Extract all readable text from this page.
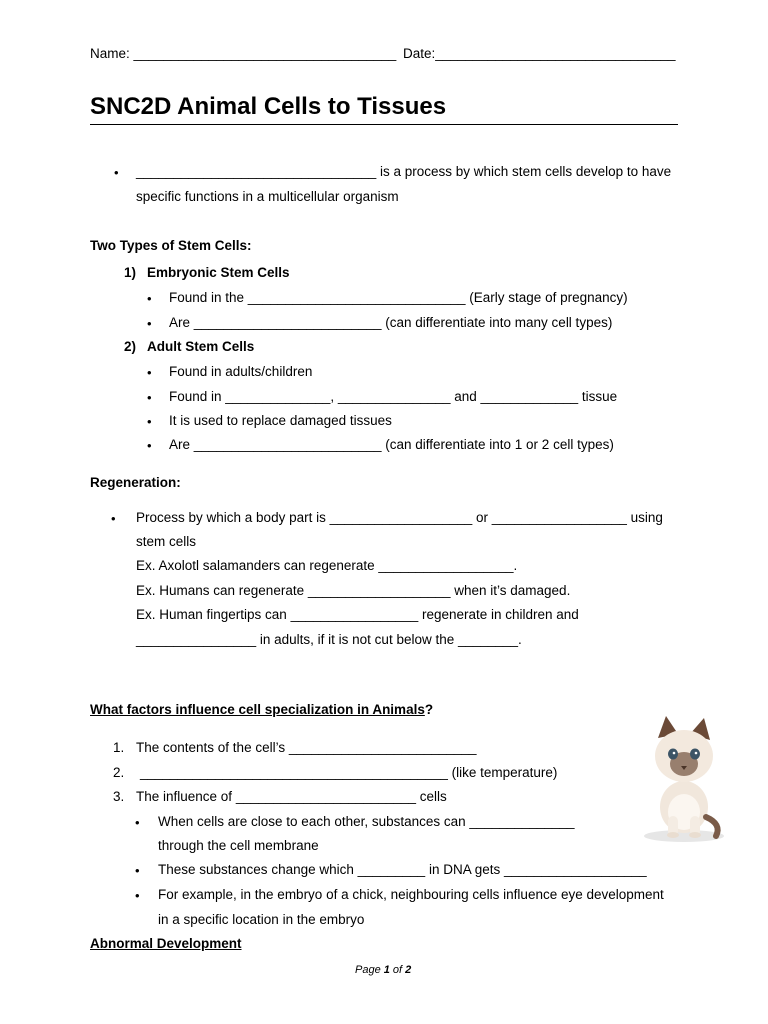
Name: ___________________________________ Date:________________________________
SNC2D Animal Cells to Tissues
• ________________________________ is a process by which stem cells develop to have
specific functions in a multicellular organism
Two Types of Stem Cells:
1) Embryonic Stem Cells
• Found in the _____________________________ (Early stage of pregnancy)
• Are _________________________ (can differentiate into many cell types)
2) Adult Stem Cells
• Found in adults/children
• Found in ______________, _______________ and _____________ tissue
• It is used to replace damaged tissues
• Are _________________________ (can differentiate into 1 or 2 cell types)
Regeneration:
• Process by which a body part is ___________________ or __________________ using
stem cells
Ex. Axolotl salamanders can regenerate __________________.
Ex. Humans can regenerate ___________________ when it’s damaged.
Ex. Human fingertips can _________________ regenerate in children and
________________ in adults, if it is not cut below the ________.
What factors influence cell specialization in Animals?
1. The contents of the cell’s _________________________
2. _________________________________________ (like temperature)
3. The influence of ________________________ cells
• When cells are close to each other, substances can ______________
through the cell membrane
• These substances change which _________ in DNA gets ___________________
• For example, in the embryo of a chick, neighbouring cells influence eye development
in a specific location in the embryo
Abnormal Development
Page 1 of 2
